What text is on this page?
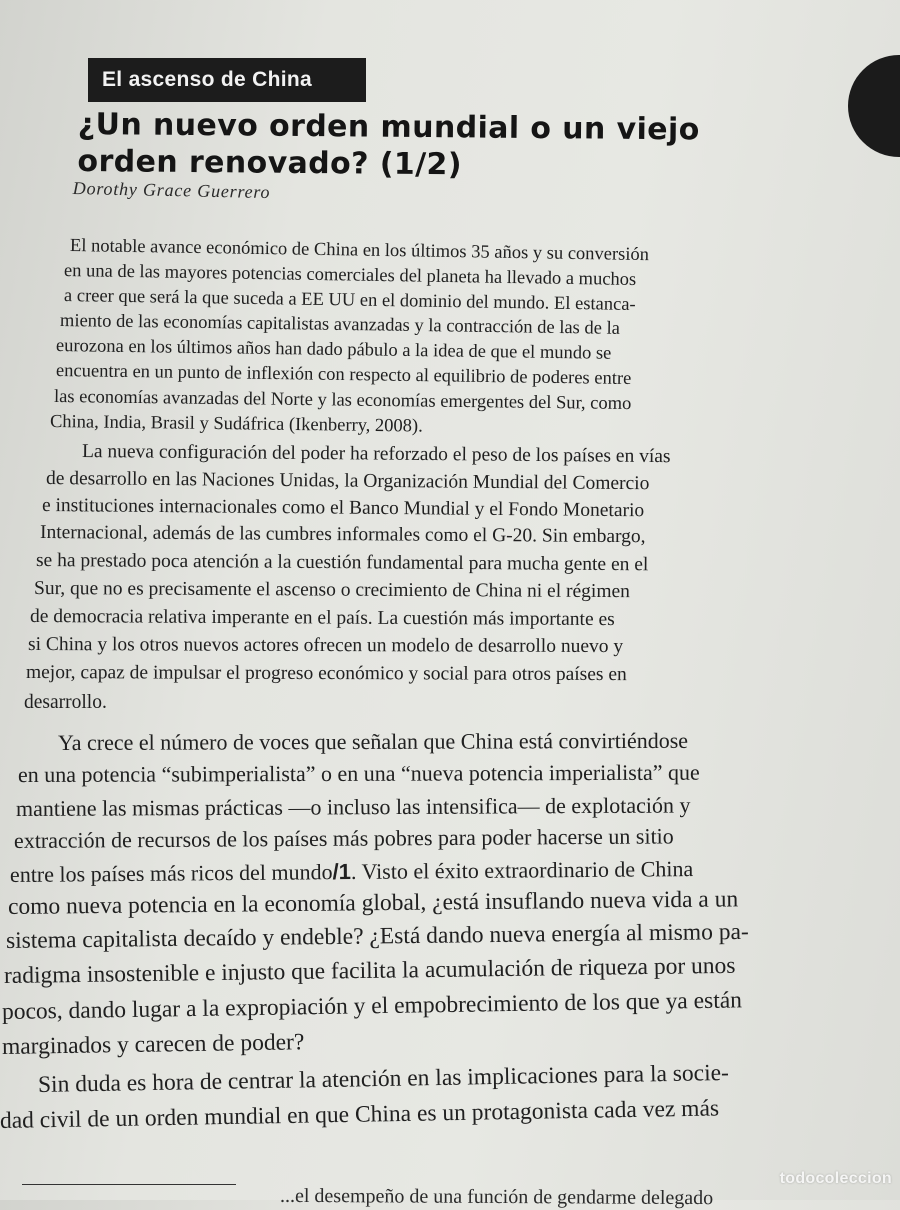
El ascenso de China
¿Un nuevo orden mundial o un viejo
orden renovado? (1/2)
Dorothy Grace Guerrero
El notable avance económico de China en los últimos 35 años y su conversión
en una de las mayores potencias comerciales del planeta ha llevado a muchos
a creer que será la que suceda a EE UU en el dominio del mundo. El estanca-
miento de las economías capitalistas avanzadas y la contracción de las de la
eurozona en los últimos años han dado pábulo a la idea de que el mundo se
encuentra en un punto de inflexión con respecto al equilibrio de poderes entre
las economías avanzadas del Norte y las economías emergentes del Sur, como
China, India, Brasil y Sudáfrica (Ikenberry, 2008).
La nueva configuración del poder ha reforzado el peso de los países en vías
de desarrollo en las Naciones Unidas, la Organización Mundial del Comercio
e instituciones internacionales como el Banco Mundial y el Fondo Monetario
Internacional, además de las cumbres informales como el G-20. Sin embargo,
se ha prestado poca atención a la cuestión fundamental para mucha gente en el
Sur, que no es precisamente el ascenso o crecimiento de China ni el régimen
de democracia relativa imperante en el país. La cuestión más importante es
si China y los otros nuevos actores ofrecen un modelo de desarrollo nuevo y
mejor, capaz de impulsar el progreso económico y social para otros países en
desarrollo.
Ya crece el número de voces que señalan que China está convirtiéndose
en una potencia “subimperialista” o en una “nueva potencia imperialista” que
mantiene las mismas prácticas —o incluso las intensifica— de explotación y
extracción de recursos de los países más pobres para poder hacerse un sitio
entre los países más ricos del mundo/1. Visto el éxito extraordinario de China
como nueva potencia en la economía global, ¿está insuflando nueva vida a un
sistema capitalista decaído y endeble? ¿Está dando nueva energía al mismo pa-
radigma insostenible e injusto que facilita la acumulación de riqueza por unos
pocos, dando lugar a la expropiación y el empobrecimiento de los que ya están
marginados y carecen de poder?
Sin duda es hora de centrar la atención en las implicaciones para la socie-
dad civil de un orden mundial en que China es un protagonista cada vez más
...el desempeño de una función de gendarme delegado
todocoleccion
